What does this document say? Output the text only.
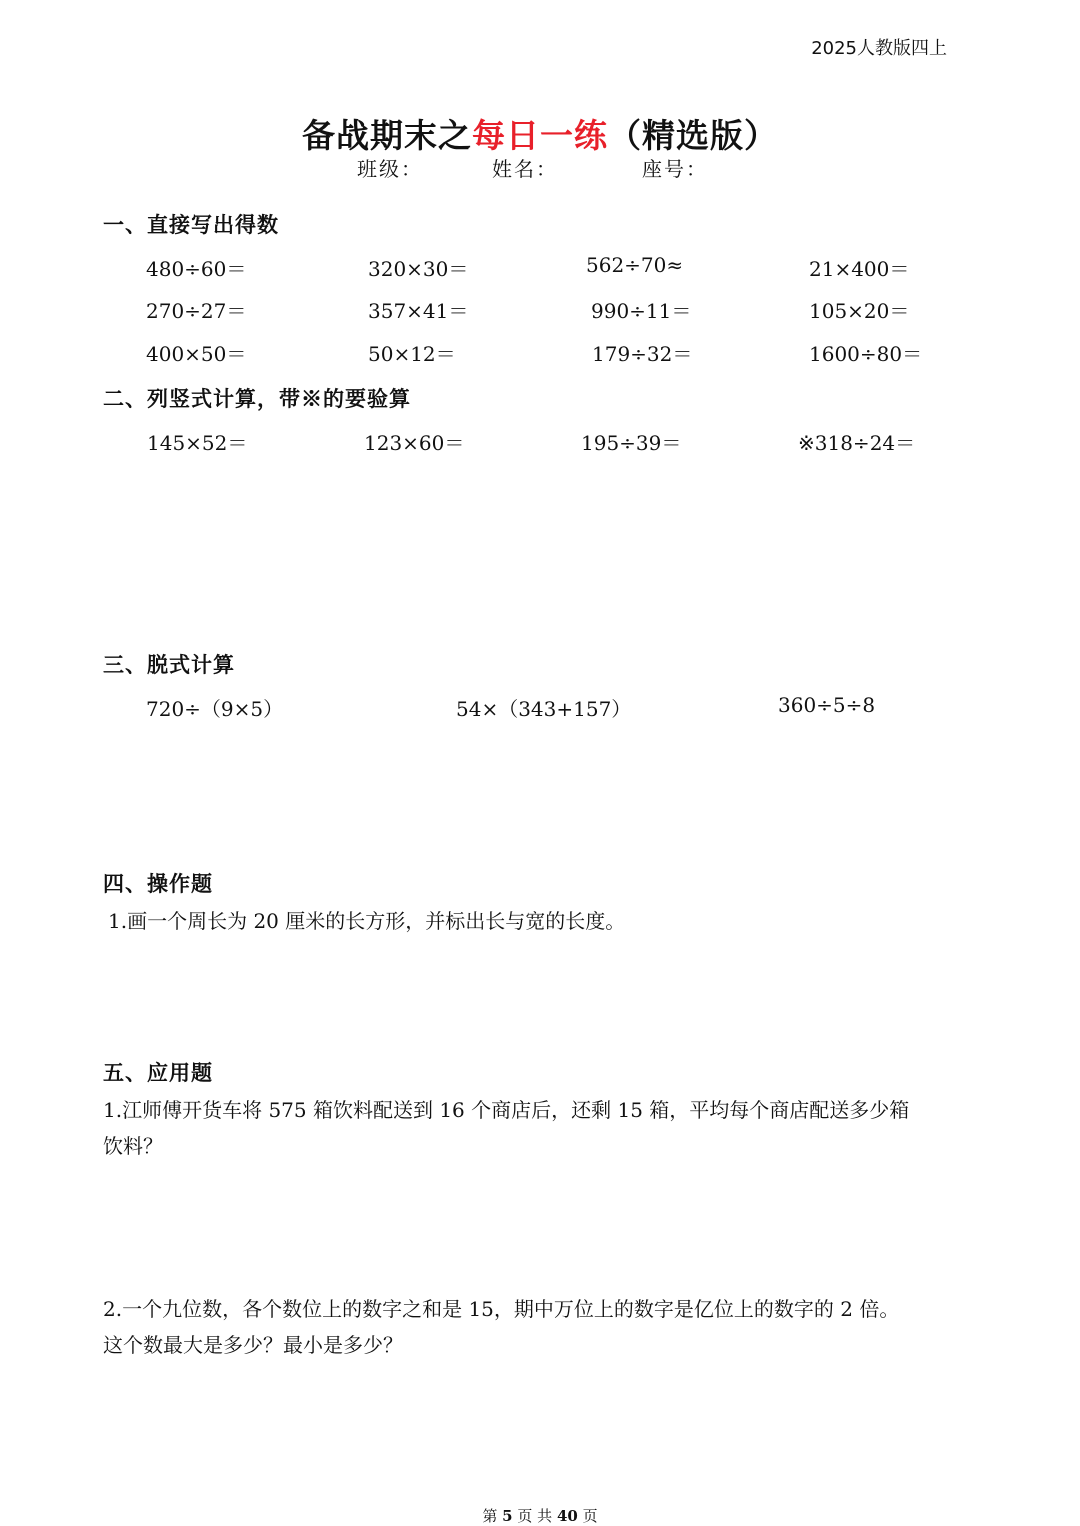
2025人教版四上
备战期末之每日一练（精选版）
班级：	姓名：	座号：
一、直接写出得数
480÷60＝	320×30＝	562÷70≈	21×400＝
270÷27＝	357×41＝	990÷11＝	105×20＝
400×50＝	50×12＝	179÷32＝	1600÷80＝
二、列竖式计算，带※的要验算
145×52＝	123×60＝	195÷39＝	※318÷24＝
三、脱式计算
720÷（9×5）	54×（343+157）	360÷5÷8
四、操作题
1.画一个周长为 20 厘米的长方形，并标出长与宽的长度。
五、应用题
1.江师傅开货车将 575 箱饮料配送到 16 个商店后，还剩 15 箱，平均每个商店配送多少箱
饮料？
2.一个九位数，各个数位上的数字之和是 15，期中万位上的数字是亿位上的数字的 2 倍。
这个数最大是多少？最小是多少？
第 5 页 共 40 页
